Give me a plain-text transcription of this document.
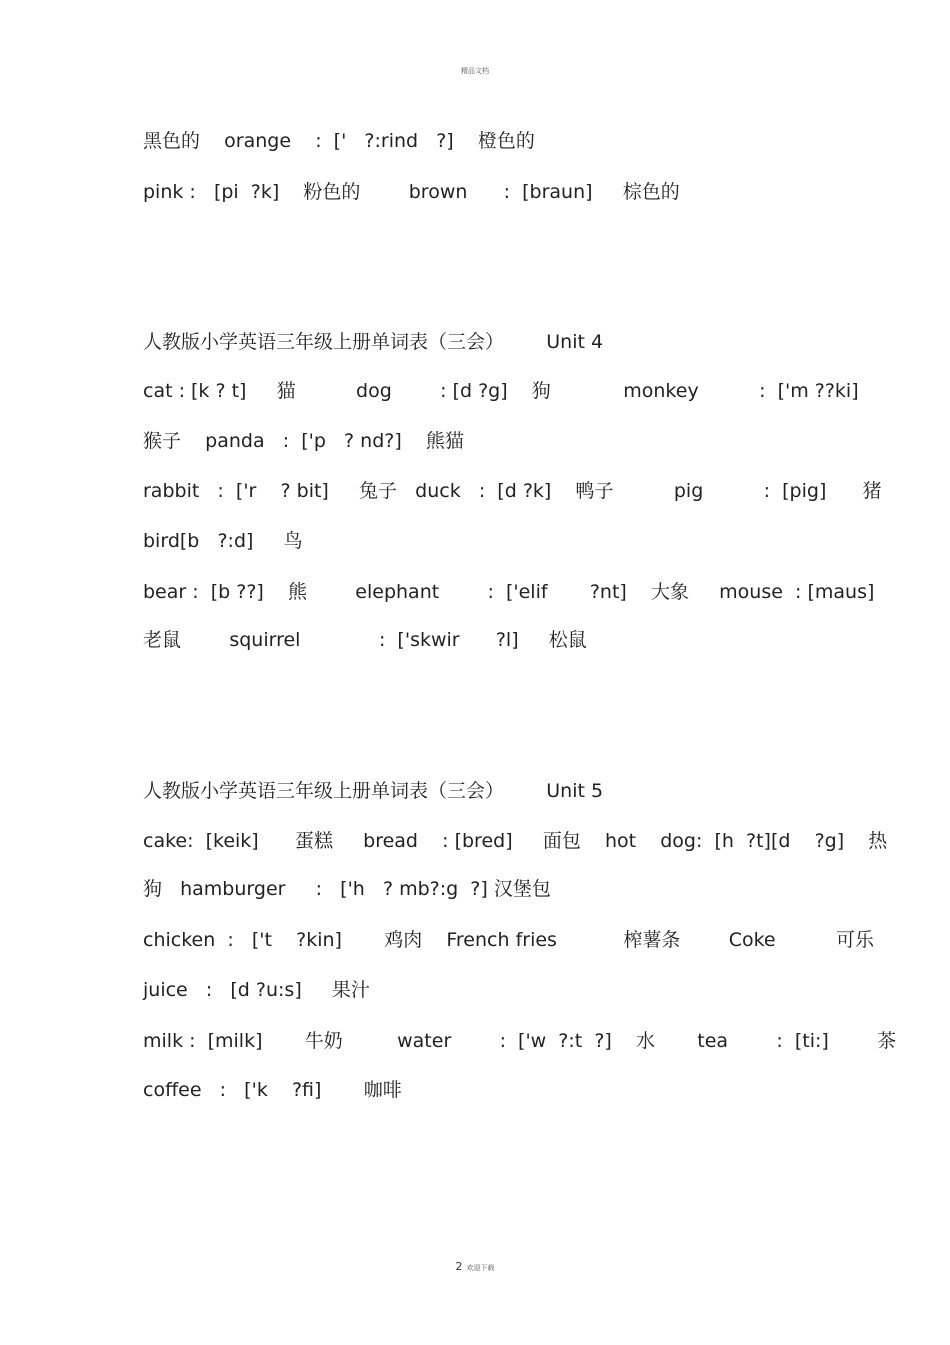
精品文档
黑色的    orange    :  ['   ?:rind   ?]    橙色的
pink :   [pi  ?k]    粉色的        brown      :  [braun]     棕色的
人教版小学英语三年级上册单词表（三会）       Unit 4
cat : [k ? t]     猫          dog        : [d ?g]    狗            monkey          :  ['m ??ki]
猴子    panda   :  ['p   ? nd?]    熊猫
rabbit   :  ['r    ? bit]     兔子   duck   :  [d ?k]    鸭子          pig          :  [pig]      猪
bird[b   ?:d]     鸟
bear :  [b ??]    熊        elephant        :  ['elif       ?nt]    大象     mouse  : [maus]
老鼠        squirrel             :  ['skwir      ?l]     松鼠
人教版小学英语三年级上册单词表（三会）       Unit 5
cake:  [keik]      蛋糕     bread    : [bred]     面包    hot    dog:  [h  ?t][d    ?g]    热
狗   hamburger     :   ['h   ? mb?:g  ?] 汉堡包
chicken  :   ['t    ?kin]       鸡肉    French fries           榨薯条        Coke          可乐
juice   :   [d ?u:s]     果汁
milk :  [milk]       牛奶         water        :  ['w  ?:t  ?]    水       tea        :  [ti:]        茶
coffee   :   ['k    ?fi]       咖啡
2 欢迎下载
